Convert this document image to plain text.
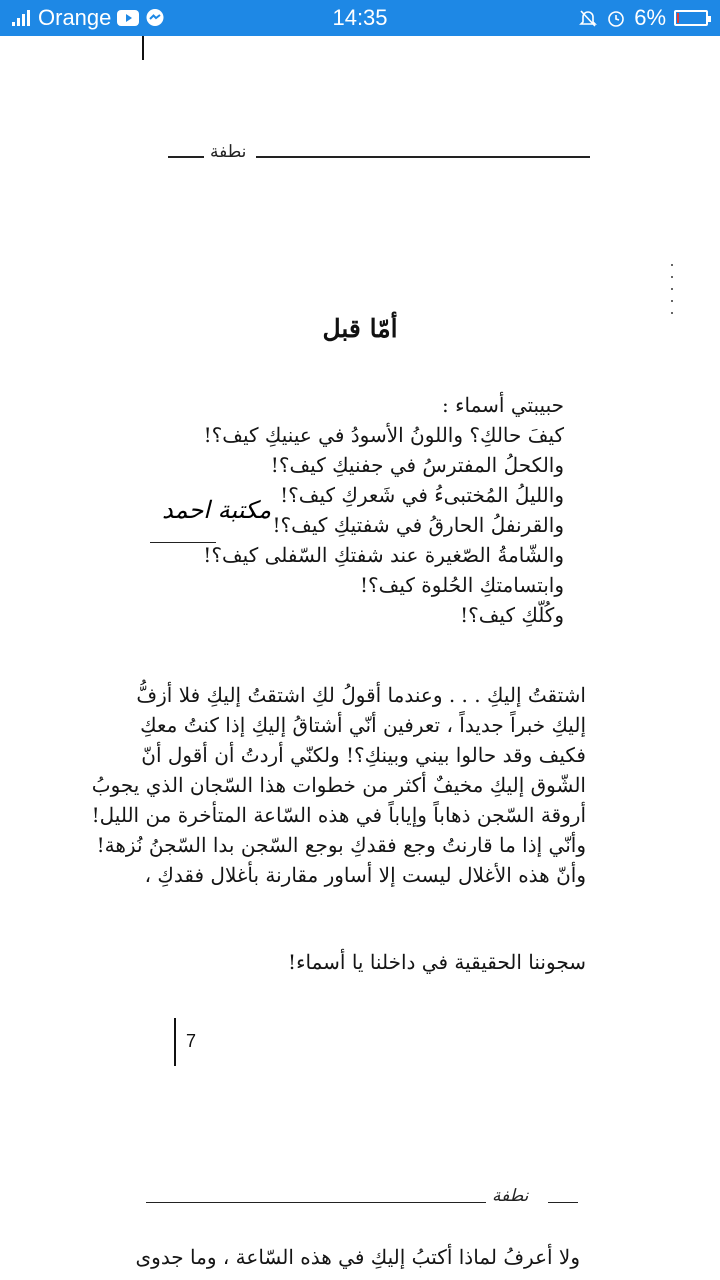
Orange	14:35	6%
نطفة
أمّا قبل
حبيبتي أسماء :
كيفَ حالكِ؟ واللونُ الأسودُ في عينيكِ كيف؟!
والكحلُ المفترسُ في جفنيكِ كيف؟!
والليلُ المُختبىءُ في شَعركِ كيف؟!
والقرنفلُ الحارقُ في شفتيكِ كيف؟!
والشّامةُ الصّغيرة عند شفتكِ السّفلى كيف؟!
وابتسامتكِ الحُلوة كيف؟!
وكُلّكِ كيف؟!
مكتبة احمد
اشتقتُ إليكِ . . . وعندما أقولُ لكِ اشتقتُ إليكِ فلا أزفُّ
إليكِ خبراً جديداً ، تعرفين أنّي أشتاقُ إليكِ إذا كنتُ معكِ
فكيف وقد حالوا بيني وبينكِ؟! ولكنّي أردتُ أن أقول أنّ
الشّوق إليكِ مخيفٌ أكثر من خطوات هذا السّجان الذي يجوبُ
أروقة السّجن ذهاباً وإياباً في هذه السّاعة المتأخرة من الليل!
وأنّي إذا ما قارنتُ وجع فقدكِ بوجع السّجن بدا السّجنُ نُزهة!
وأنّ هذه الأغلال ليست إلا أساور مقارنة بأغلال فقدكِ ،
سجوننا الحقيقية في داخلنا يا أسماء!
7
نطفة
ولا أعرفُ لماذا أكتبُ إليكِ في هذه السّاعة ، وما جدوى
